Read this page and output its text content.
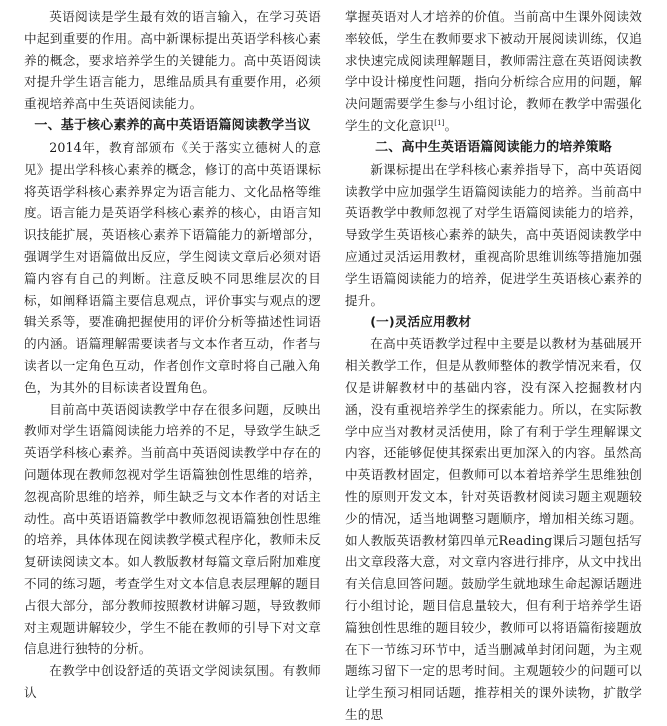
英语阅读是学生最有效的语言输入，在学习英语中起到重要的作用。高中新课标提出英语学科核心素养的概念，要求培养学生的关键能力。高中英语阅读对提升学生语言能力，思维品质具有重要作用，必须重视培养高中生英语阅读能力。

一、基于核心素养的高中英语语篇阅读教学当议

2014年，教育部颁布《关于落实立德树人的意见》提出学科核心素养的概念，修订的高中英语课标将英语学科核心素养界定为语言能力、文化品格等维度。语言能力是英语学科核心素养的核心，由语言知识技能扩展，英语核心素养下语篇能力的新增部分，强调学生对语篇做出反应，学生阅读文章后必须对语篇内容有自己的判断。注意反映不同思维层次的目标，如阐释语篇主要信息观点，评价事实与观点的逻辑关系等，要准确把握使用的评价分析等描述性词语的内涵。语篇理解需要读者与文本作者互动，作者与读者以一定角色互动，作者创作文章时将自己融入角色，为其外的目标读者设置角色。

目前高中英语阅读教学中存在很多问题，反映出教师对学生语篇阅读能力培养的不足，导致学生缺乏英语学科核心素养。当前高中英语阅读教学中存在的问题体现在教师忽视对学生语篇独创性思维的培养，忽视高阶思维的培养，师生缺乏与文本作者的对话主动性。高中英语语篇教学中教师忽视语篇独创性思维的培养，具体体现在阅读教学模式程序化，教师未反复研读阅读文本。如人教版教材每篇文章后附加难度不同的练习题，考查学生对文本信息表层理解的题目占很大部分，部分教师按照教材讲解习题，导致教师对主观题讲解较少，学生不能在教师的引导下对文章信息进行独特的分析。

在教学中创设舒适的英语文学阅读氛围。有教师认

掌握英语对人才培养的价值。当前高中生课外阅读效率较低，学生在教师要求下被动开展阅读训练，仅追求快速完成阅读理解题目，教师需注意在英语阅读教学中设计梯度性问题，指向分析综合应用的问题，解决问题需要学生参与小组讨论，教师在教学中需强化学生的文化意识[1]。

二、高中生英语语篇阅读能力的培养策略

新课标提出在学科核心素养指导下，高中英语阅读教学中应加强学生语篇阅读能力的培养。当前高中英语教学中教师忽视了对学生语篇阅读能力的培养，导致学生英语核心素养的缺失，高中英语阅读教学中应通过灵活运用教材，重视高阶思维训练等措施加强学生语篇阅读能力的培养，促进学生英语核心素养的提升。

(一)灵活应用教材

在高中英语教学过程中主要是以教材为基础展开相关教学工作，但是从教师整体的教学情况来看，仅仅是讲解教材中的基础内容，没有深入挖掘教材内涵，没有重视培养学生的探索能力。所以，在实际教学中应当对教材灵活使用，除了有利于学生理解课文内容，还能够促使其探索出更加深入的内容。虽然高中英语教材固定，但教师可以本着培养学生思维独创性的原则开发文本，针对英语教材阅读习题主观题较少的情况，适当地调整习题顺序，增加相关练习题。如人教版英语教材第四单元Reading课后习题包括写出文章段落大意，对文章内容进行排序，从文中找出有关信息回答问题。鼓励学生就地球生命起源话题进行小组讨论，题目信息量较大，但有利于培养学生语篇独创性思维的题目较少，教师可以将语篇衔接题放在下一节练习环节中，适当删减单封闭问题，为主观题练习留下一定的思考时间。主观题较少的问题可以让学生预习相同话题，推荐相关的课外读物，扩散学生的思
